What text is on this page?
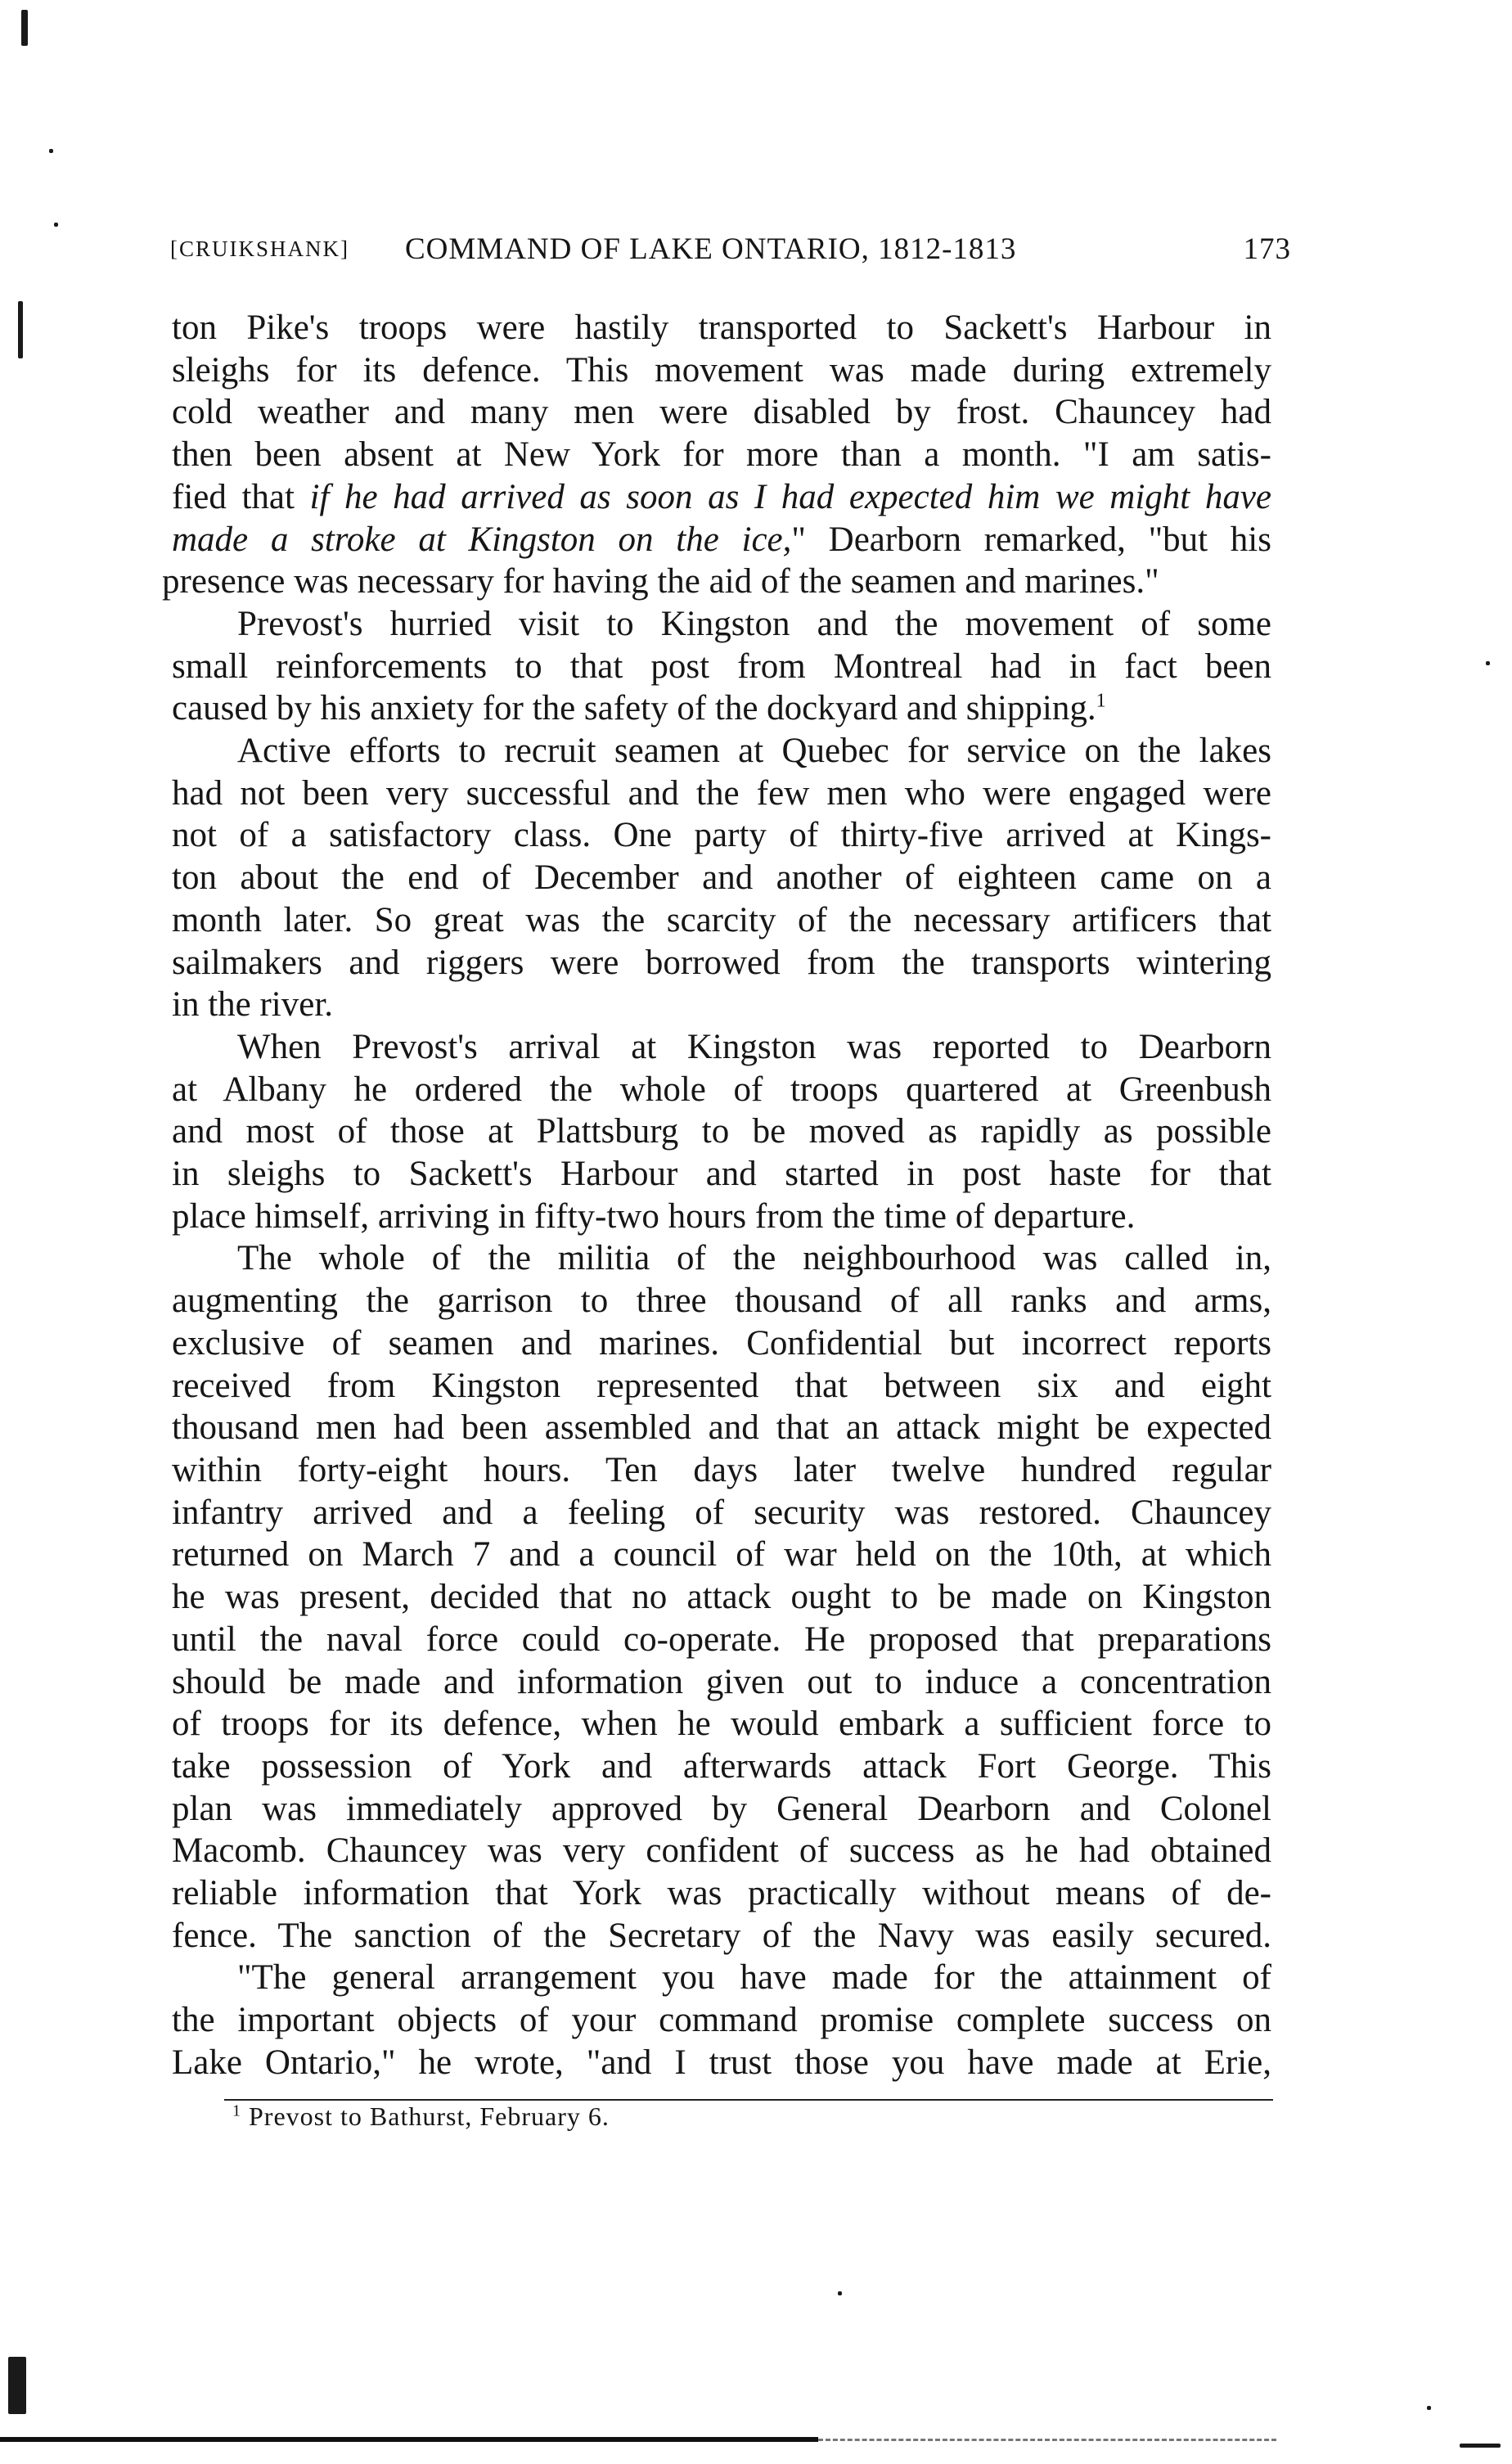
[CRUIKSHANK] COMMAND OF LAKE ONTARIO, 1812-1813	173
ton Pike's troops were hastily transported to Sackett's Harbour in
sleighs for its defence. This movement was made during extremely
cold weather and many men were disabled by frost. Chauncey had
then been absent at New York for more than a month. "I am satis-
fied that if he had arrived as soon as I had expected him we might have
made a stroke at Kingston on the ice," Dearborn remarked, "but his
presence was necessary for having the aid of the seamen and marines."
Prevost's hurried visit to Kingston and the movement of some
small reinforcements to that post from Montreal had in fact been
caused by his anxiety for the safety of the dockyard and shipping.$^1$
Active efforts to recruit seamen at Quebec for service on the lakes
had not been very successful and the few men who were engaged were
not of a satisfactory class. One party of thirty-five arrived at Kings-
ton about the end of December and another of eighteen came on a
month later. So great was the scarcity of the necessary artificers that
sailmakers and riggers were borrowed from the transports wintering
in the river.
When Prevost's arrival at Kingston was reported to Dearborn
at Albany he ordered the whole of troops quartered at Greenbush
and most of those at Plattsburg to be moved as rapidly as possible
in sleighs to Sackett's Harbour and started in post haste for that
place himself, arriving in fifty-two hours from the time of departure.
The whole of the militia of the neighbourhood was called in,
augmenting the garrison to three thousand of all ranks and arms,
exclusive of seamen and marines. Confidential but incorrect reports
received from Kingston represented that between six and eight
thousand men had been assembled and that an attack might be expected
within forty-eight hours. Ten days later twelve hundred regular
infantry arrived and a feeling of security was restored. Chauncey
returned on March 7 and a council of war held on the 10th, at which
he was present, decided that no attack ought to be made on Kingston
until the naval force could co-operate. He proposed that preparations
should be made and information given out to induce a concentration
of troops for its defence, when he would embark a sufficient force to
take possession of York and afterwards attack Fort George. This
plan was immediately approved by General Dearborn and Colonel
Macomb. Chauncey was very confident of success as he had obtained
reliable information that York was practically without means of de-
fence. The sanction of the Secretary of the Navy was easily secured.
"The general arrangement you have made for the attainment of
the important objects of your command promise complete success on
Lake Ontario," he wrote, "and I trust those you have made at Erie,
$^1$ Prevost to Bathurst, February 6.
